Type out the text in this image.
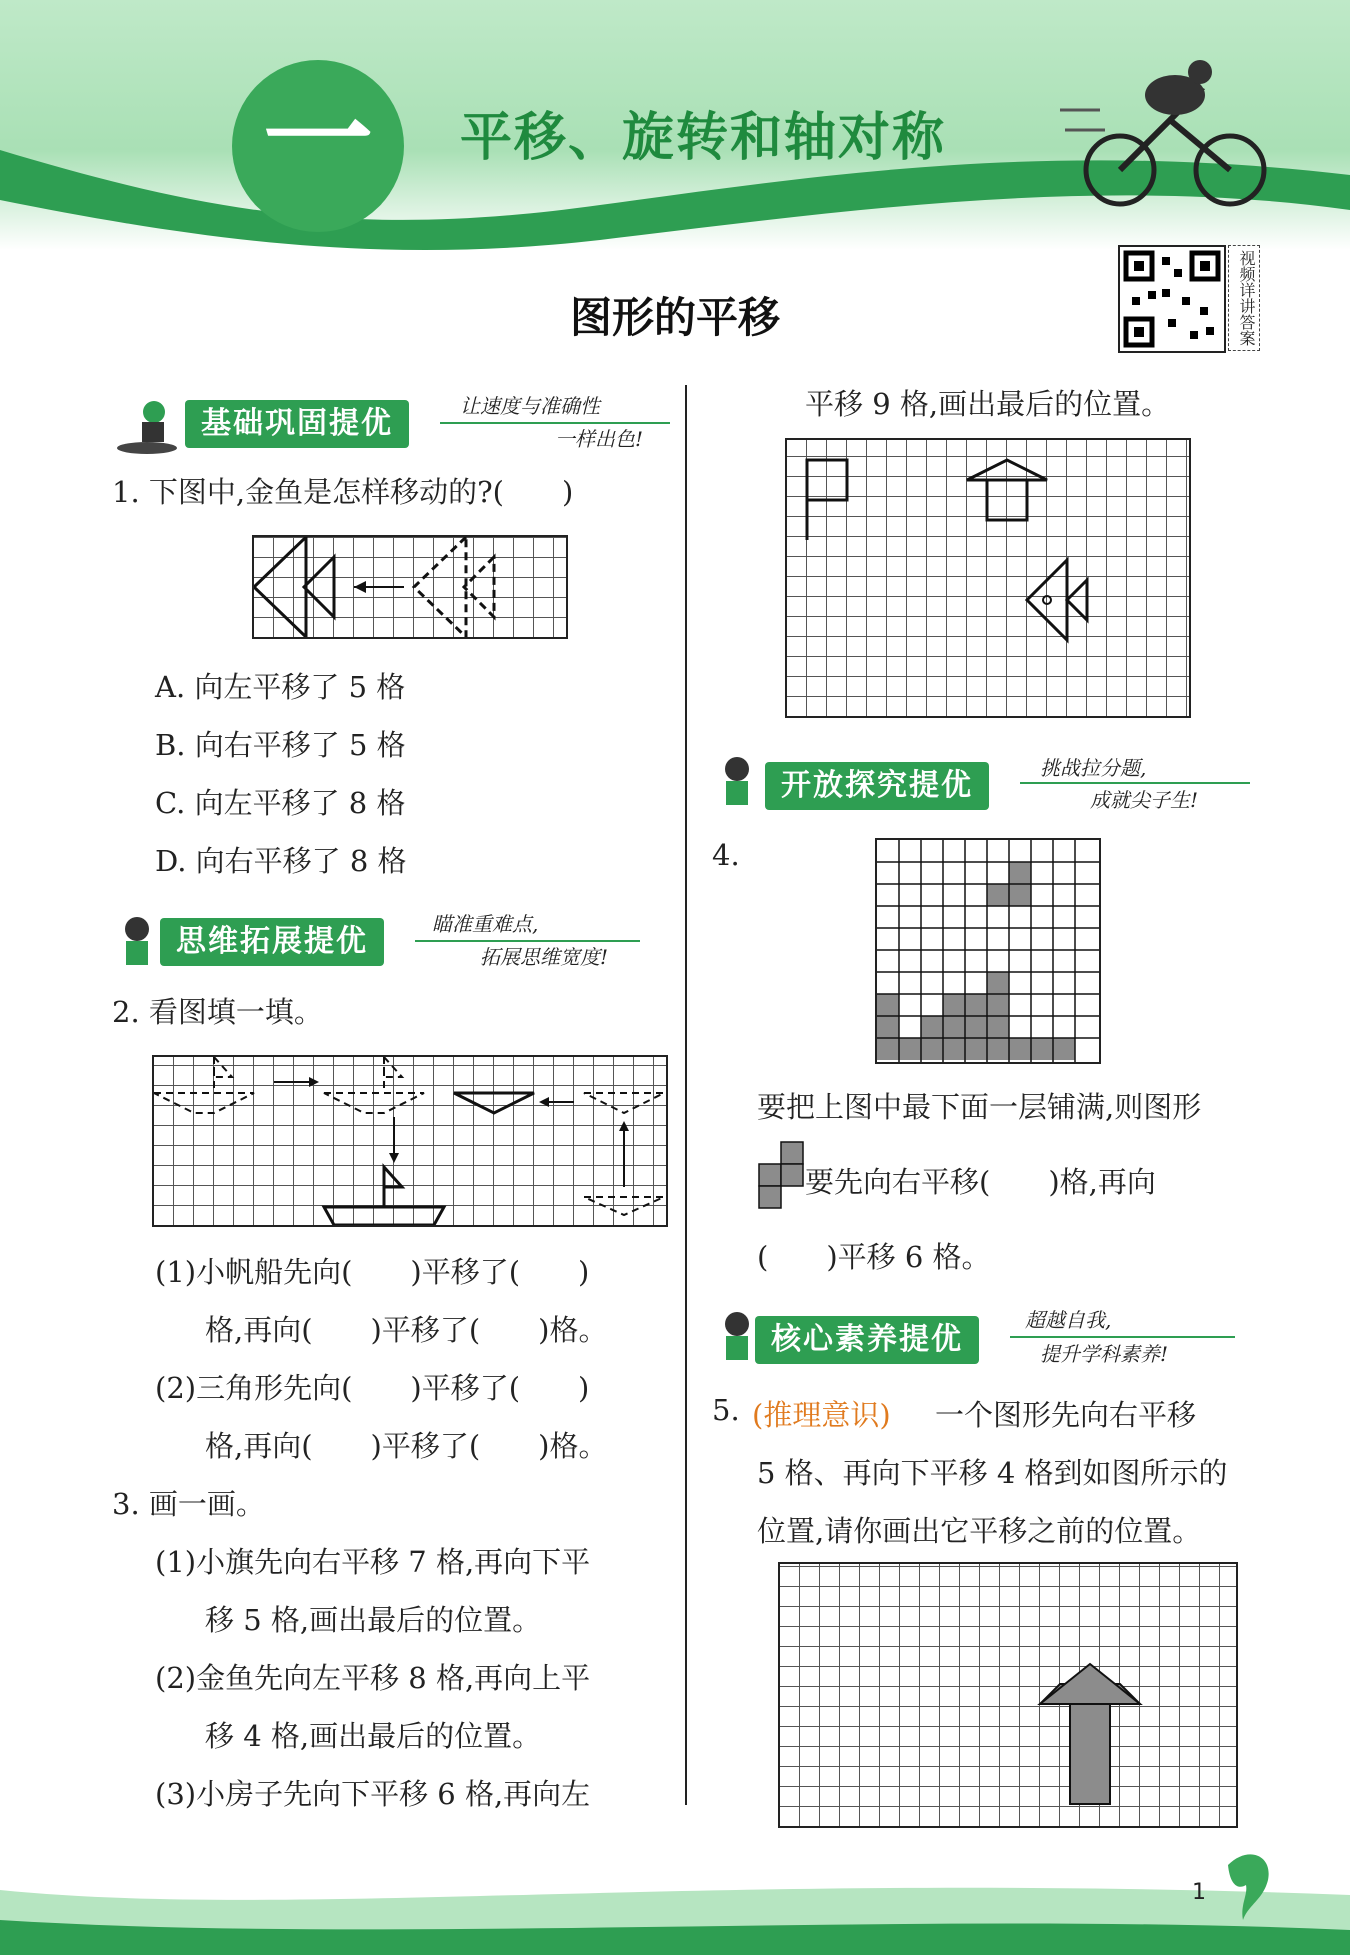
一	平移、旋转和轴对称
视频详讲答案
图形的平移
基础巩固提优	让速度与准确性
一样出色!
1. 下图中,金鱼是怎样移动的?(　　)
A. 向左平移了 5 格
B. 向右平移了 5 格
C. 向左平移了 8 格
D. 向右平移了 8 格
思维拓展提优	瞄准重难点,
拓展思维宽度!
2. 看图填一填。
(1)小帆船先向(　　)平移了(　　)
格,再向(　　)平移了(　　)格。
(2)三角形先向(　　)平移了(　　)
格,再向(　　)平移了(　　)格。
3. 画一画。
(1)小旗先向右平移 7 格,再向下平
移 5 格,画出最后的位置。
(2)金鱼先向左平移 8 格,再向上平
移 4 格,画出最后的位置。
(3)小房子先向下平移 6 格,再向左
平移 9 格,画出最后的位置。
开放探究提优	挑战拉分题,
成就尖子生!
4.
要把上图中最下面一层铺满,则图形
要先向右平移(　　)格,再向
(　　)平移 6 格。
核心素养提优
超越自我,
提升学科素养!
5. (推理意识) 一个图形先向右平移
5 格、再向下平移 4 格到如图所示的
位置,请你画出它平移之前的位置。
1
